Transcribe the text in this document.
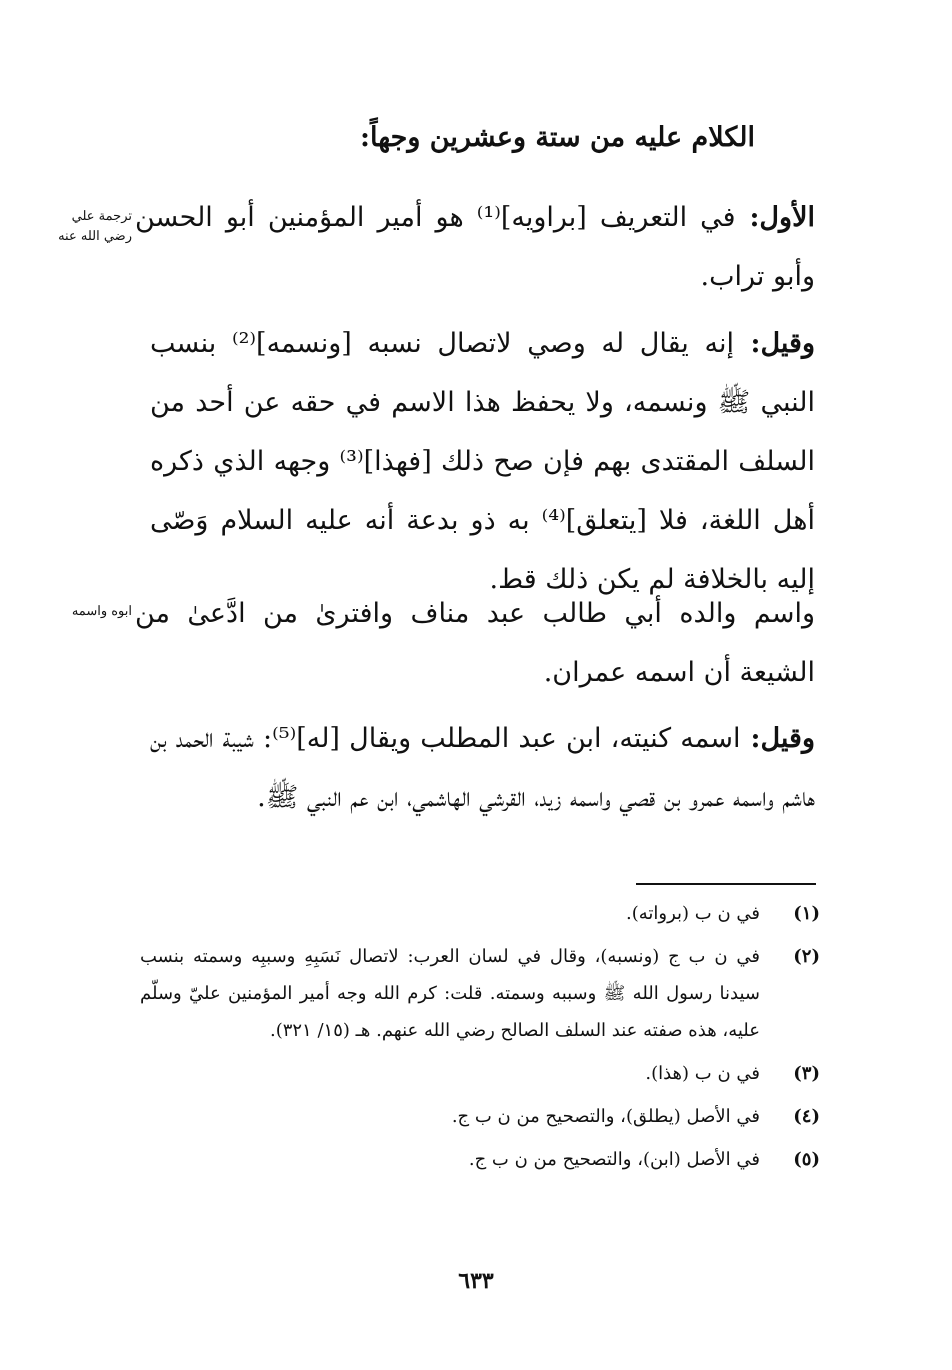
الكلام عليه من ستة وعشرين وجهاً:
ترجمة علي
رضي الله عنه
الأول: في التعريف [براويه]⁽¹⁾ هو أمير المؤمنين أبو الحسن وأبو تراب.
وقيل: إنه يقال له وصي لاتصال نسبه [ونسمه]⁽²⁾ بنسب النبي ﷺ ونسمه، ولا يحفظ هذا الاسم في حقه عن أحد من السلف المقتدى بهم فإن صح ذلك [فهذا]⁽³⁾ وجهه الذي ذكره أهل اللغة، فلا [يتعلق]⁽⁴⁾ به ذو بدعة أنه عليه السلام وَصّى إليه بالخلافة لم يكن ذلك قط.
ابوه واسمه واسم والده أبي طالب عبد مناف وافترىٰ من ادَّعىٰ من الشيعة أن اسمه عمران.
وقيل: اسمه كنيته، ابن عبد المطلب ويقال [له]⁽⁵⁾: شيبة الحمد بن هاشم واسمه عمرو بن قصي واسمه زيد، القرشي الهاشمي، ابن عم النبي ﷺ.
(١)
في ن ب (برواته).
(٢)
في ن ب ج (ونسبه)، وقال في لسان العرب: لاتصال نَسَبِهِ وسببِه وسمته بنسب سيدنا رسول الله ﷺ وسببه وسمته. قلت: كرم الله وجه أمير المؤمنين عليّ وسلّم عليه، هذه صفته عند السلف الصالح رضي الله عنهم. هـ (١٥/ ٣٢١).
(٣)
في ن ب (هذا).
(٤)
في الأصل (يطلق)، والتصحيح من ن ب ج.
(٥)
في الأصل (ابن)، والتصحيح من ن ب ج.
٦٣٣
